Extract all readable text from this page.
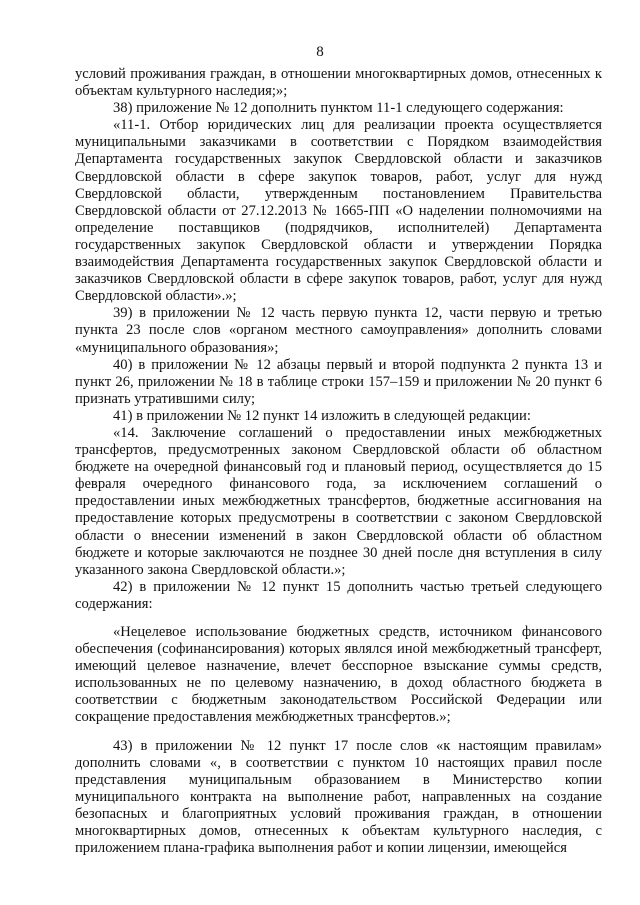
8

условий проживания граждан, в отношении многоквартирных домов, отнесенных к объектам культурного наследия;»;

38) приложение № 12 дополнить пунктом 11-1 следующего содержания:

«11-1. Отбор юридических лиц для реализации проекта осуществляется муниципальными заказчиками в соответствии с Порядком взаимодействия Департамента государственных закупок Свердловской области и заказчиков Свердловской области в сфере закупок товаров, работ, услуг для нужд Свердловской области, утвержденным постановлением Правительства Свердловской области от 27.12.2013 № 1665-ПП «О наделении полномочиями на определение поставщиков (подрядчиков, исполнителей) Департамента государственных закупок Свердловской области и утверждении Порядка взаимодействия Департамента государственных закупок Свердловской области и заказчиков Свердловской области в сфере закупок товаров, работ, услуг для нужд Свердловской области».»;

39) в приложении № 12 часть первую пункта 12, части первую и третью пункта 23 после слов «органом местного самоуправления» дополнить словами «муниципального образования»;

40) в приложении № 12 абзацы первый и второй подпункта 2 пункта 13 и пункт 26, приложении № 18 в таблице строки 157–159 и приложении № 20 пункт 6 признать утратившими силу;

41) в приложении № 12 пункт 14 изложить в следующей редакции:

«14. Заключение соглашений о предоставлении иных межбюджетных трансфертов, предусмотренных законом Свердловской области об областном бюджете на очередной финансовый год и плановый период, осуществляется до 15 февраля очередного финансового года, за исключением соглашений о предоставлении иных межбюджетных трансфертов, бюджетные ассигнования на предоставление которых предусмотрены в соответствии с законом Свердловской области о внесении изменений в закон Свердловской области об областном бюджете и которые заключаются не позднее 30 дней после дня вступления в силу указанного закона Свердловской области.»;

42) в приложении № 12 пункт 15 дополнить частью третьей следующего содержания:

«Нецелевое использование бюджетных средств, источником финансового обеспечения (софинансирования) которых являлся иной межбюджетный трансферт, имеющий целевое назначение, влечет бесспорное взыскание суммы средств, использованных не по целевому назначению, в доход областного бюджета в соответствии с бюджетным законодательством Российской Федерации или сокращение предоставления межбюджетных трансфертов.»;

43) в приложении № 12 пункт 17 после слов «к настоящим правилам» дополнить словами «, в соответствии с пунктом 10 настоящих правил после представления муниципальным образованием в Министерство копии муниципального контракта на выполнение работ, направленных на создание безопасных и благоприятных условий проживания граждан, в отношении многоквартирных домов, отнесенных к объектам культурного наследия, с приложением плана-графика выполнения работ и копии лицензии, имеющейся
